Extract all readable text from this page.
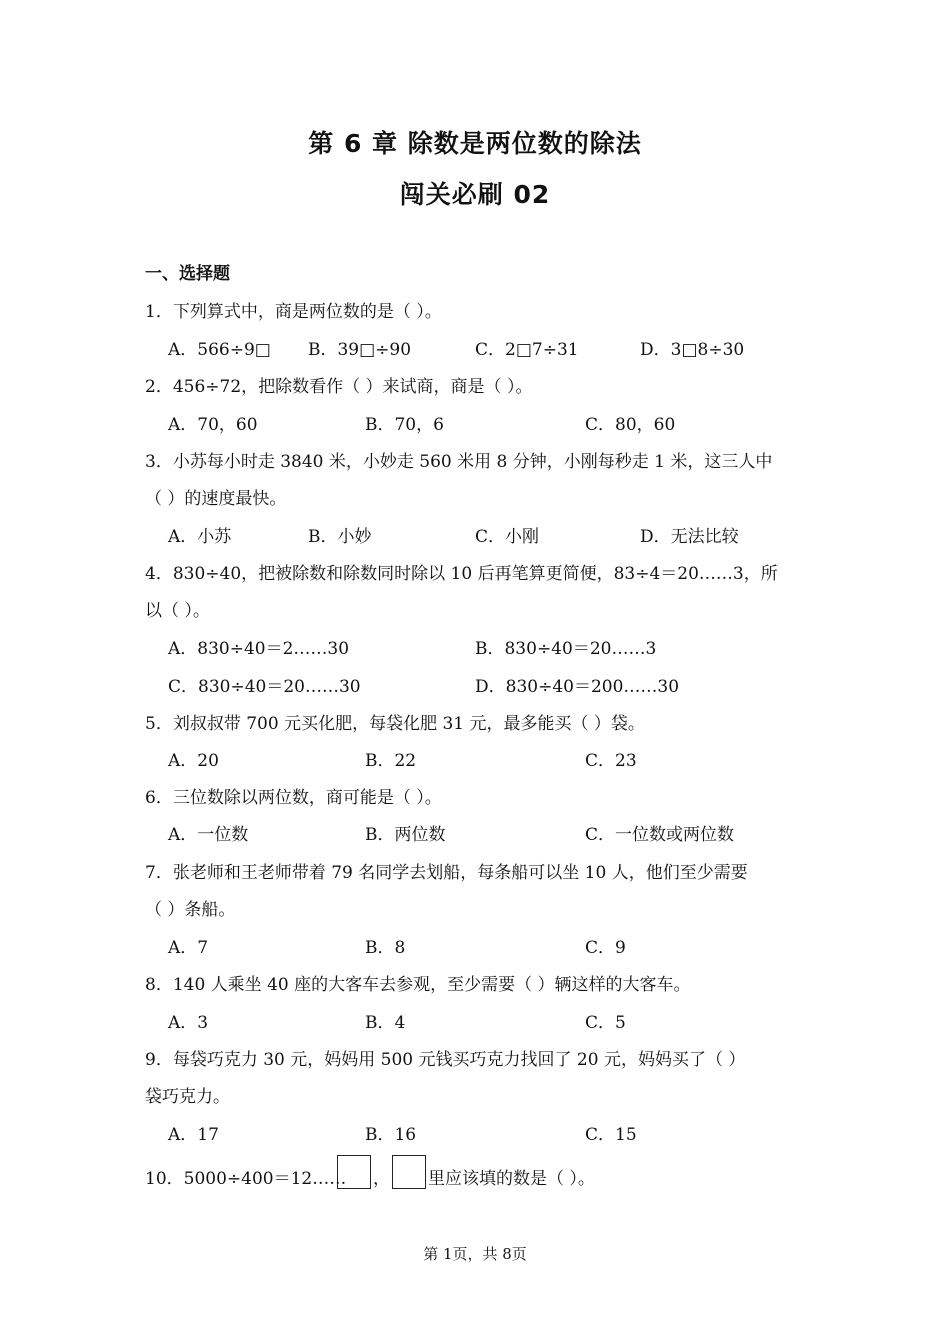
第 6 章 除数是两位数的除法
闯关必刷 02
一、选择题
1．下列算式中，商是两位数的是（ ）。
A．566÷9□ B．39□÷90	C．2□7÷31	D．3□8÷30
2．456÷72，把除数看作（ ）来试商，商是（ ）。
A．70，60	B．70，6	C．80，60
3．小苏每小时走 3840 米，小妙走 560 米用 8 分钟，小刚每秒走 1 米，这三人中
（ ）的速度最快。
A．小苏	B．小妙	C．小刚	D．无法比较
4．830÷40，把被除数和除数同时除以 10 后再笔算更简便，83÷4＝20……3，所
以（ ）。
A．830÷40＝2……30	B．830÷40＝20……3
C．830÷40＝20……30	D．830÷40＝200……30
5．刘叔叔带 700 元买化肥，每袋化肥 31 元，最多能买（ ）袋。
A．20	B．22	C．23
6．三位数除以两位数，商可能是（ ）。
A．一位数	B．两位数	C．一位数或两位数
7．张老师和王老师带着 79 名同学去划船，每条船可以坐 10 人，他们至少需要
（ ）条船。
A．7	B．8	C．9
8．140 人乘坐 40 座的大客车去参观，至少需要（ ）辆这样的大客车。
A．3	B．4	C．5
9．每袋巧克力 30 元，妈妈用 500 元钱买巧克力找回了 20 元，妈妈买了（ ）
袋巧克力。
A．17	B．16	C．15
10．5000÷400＝12…… ， 里应该填的数是（ ）。
第 1页，共 8页
